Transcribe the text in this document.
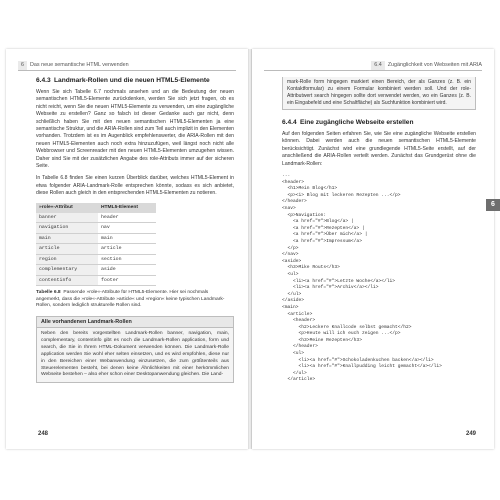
6 Das neue semantische HTML verwenden
6.4.3 Landmark-Rollen und die neuen HTML5-Elemente

Wenn Sie sich Tabelle 6.7 nochmals ansehen und an die Bedeutung der neuen semantischen HTML5-Elemente zurückdenken, werden Sie sich jetzt fragen, ob es nicht reicht, wenn Sie die neuen HTML5-Elemente zu verwenden, um eine zugängliche Webseite zu erstellen? Ganz so falsch ist dieser Gedanke auch gar nicht, denn schließlich haben Sie mit den neuen semantischen HTML5-Elementen ja eine semantische Struktur, und die ARIA-Rollen sind zum Teil auch implizit in den Elementen vorhanden. Trotzdem ist es im Augenblick empfehlenswerter, die ARIA-Rollen mit den neuen HTML5-Elementen auch noch extra hinzuzufügen, weil längst noch nicht alle Webbrowser und Screenreader mit den neuen HTML5-Elementen umzugehen wissen. Daher sind Sie mit der zusätzlichen Angabe des role-Attributs immer auf der sicheren Seite.

In Tabelle 6.8 finden Sie einen kurzen Überblick darüber, welches HTML5-Element in etwa folgender ARIA-Landmark-Rolle entsprechen könnte, sodass es sich anbietet, diese Rollen auch gleich in den entsprechenden HTML5-Elementen zu notieren.

»role«-Attribut	HTML5-Element
banner	header
navigation	nav
main	main
article	article
region	section
complementary	aside
contentinfo	footer
Tabelle 6.8 Passende »role«-Attribute für HTML5-Elemente. Hier sei nochmals angemerkt, dass die »role«-Attribute »article« und »region« keine typischen Landmark-Rollen, sondern lediglich strukturelle Rollen sind.
Alle vorhandenen Landmark-Rollen
Neben den bereits vorgestellten Landmark-Rollen banner, navigation, main, complementary, contentinfo gibt es noch die Landmark-Rollen application, form und search, die Sie in Ihrem HTML-Dokument verwenden können. Die Landmark-Rolle application werden Sie wohl eher selten einsetzen, und es wird empfohlen, diese nur in den Bereichen einer Webanwendung einzusetzen, die zum größtenteils aus Steuerelementen besteht, bei denen keine Ähnlichkeiten mit einer herkömmlichen Webseite bestehen – also eher schon einer Desktopanwendung gleichen. Die Land-
248
6.4 Zugänglichkeit von Webseiten mit ARIA
mark-Rolle form hingegen markiert einen Bereich, der als Ganzes (z. B. ein Kontaktformular) zu einem Formular kombiniert werden soll. Und der role-Attributwert search hingegen sollte dort verwendet werden, wo ein Ganzes (z. B. ein Eingabefeld und eine Schaltfläche) als Suchfunktion kombiniert wird.
6.4.4 Eine zugängliche Webseite erstellen

Auf den folgenden Seiten erfahren Sie, wie Sie eine zugängliche Webseite erstellen können. Dabei werden auch die neuen semantischen HTML5-Elemente berücksichtigt. Zunächst wird eine grundlegende HTML5-Seite erstellt, auf der anschließend die ARIA-Rollen verteilt werden. Zunächst das Grundgerüst ohne die Landmark-Rollen:

...
<header>
<h1>Mein Blog</h1>
<p><i> Blog mit leckeren Rezepten ...</p>
</header>
<nav>
<p>Navigation:
<a href="#">Blog</a> |
<a href="#">Rezepten</a> |
<a href="#">Über mich</a> |
<a href="#">Impressum</a>
</p>
</nav>
<aside>
<h3>Mike Routs</h3>
<ul>
<li><a href="#">Letzte Woche</a></li>
<li><a href="#">Archiv</a></li>
</ul>
</aside>
<main>
<article>
<header>
<h2>Leckere Knallcode selbst gemacht</h2>
<p>Heute will ich euch zeigen ...</p>
<h3>Meine Rezepten</h3>
</header>
<ul>
<li><a href="#">Schokoladenkuchen backen</a></li>
<li><a href="#">Knallpudding leicht gemacht</a></li>
</ul>
</article>
6
249
